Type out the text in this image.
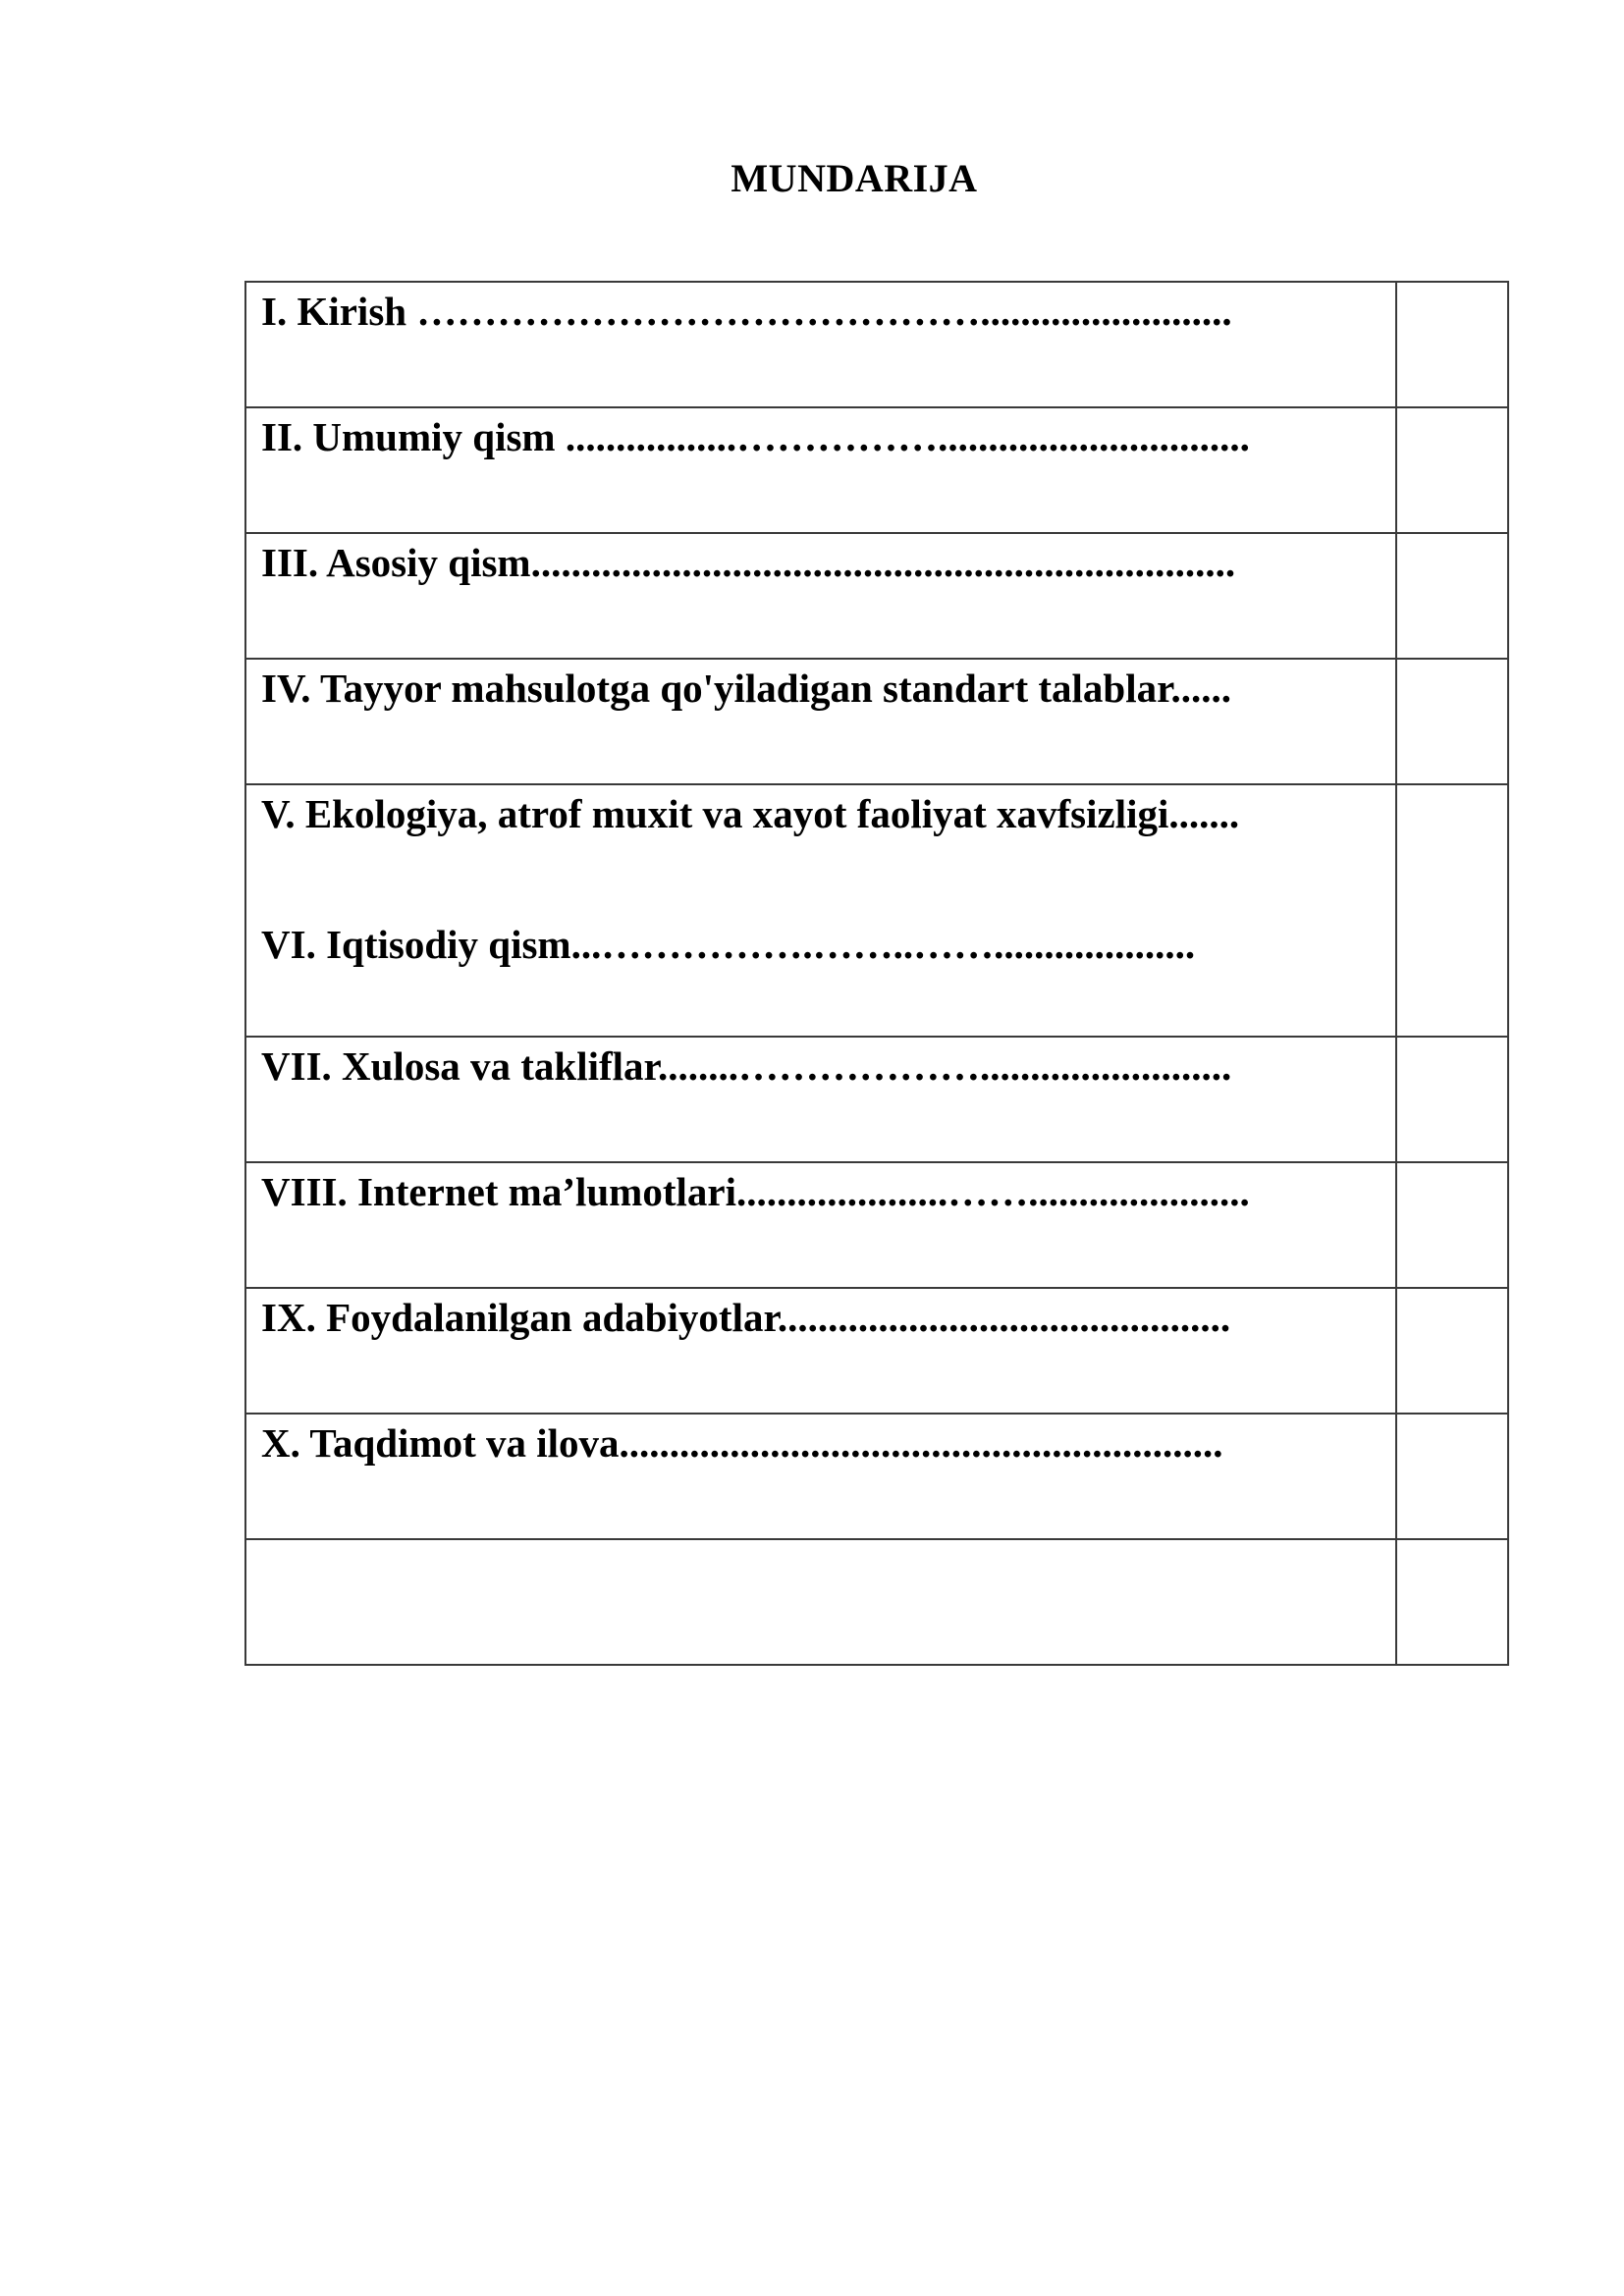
MUNDARIJA
I. Kirish …………………………………….........................	

II. Umumiy qism .................……………...............................	

III. Asosiy qism......................................................................	

IV. Tayyor mahsulotga qo'yiladigan standart talablar......	

V. Ekologiya, atrof muxit va xayot faoliyat xavfsizligi.......
VI. Iqtisodiy qism...…………….……..……....................	

VII. Xulosa va takliflar........……………….........................	

VIII. Internet ma’lumotlari.....................……......................	

IX. Foydalanilgan adabiyotlar.............................................	

X. Taqdimot va ilova............................................................	
